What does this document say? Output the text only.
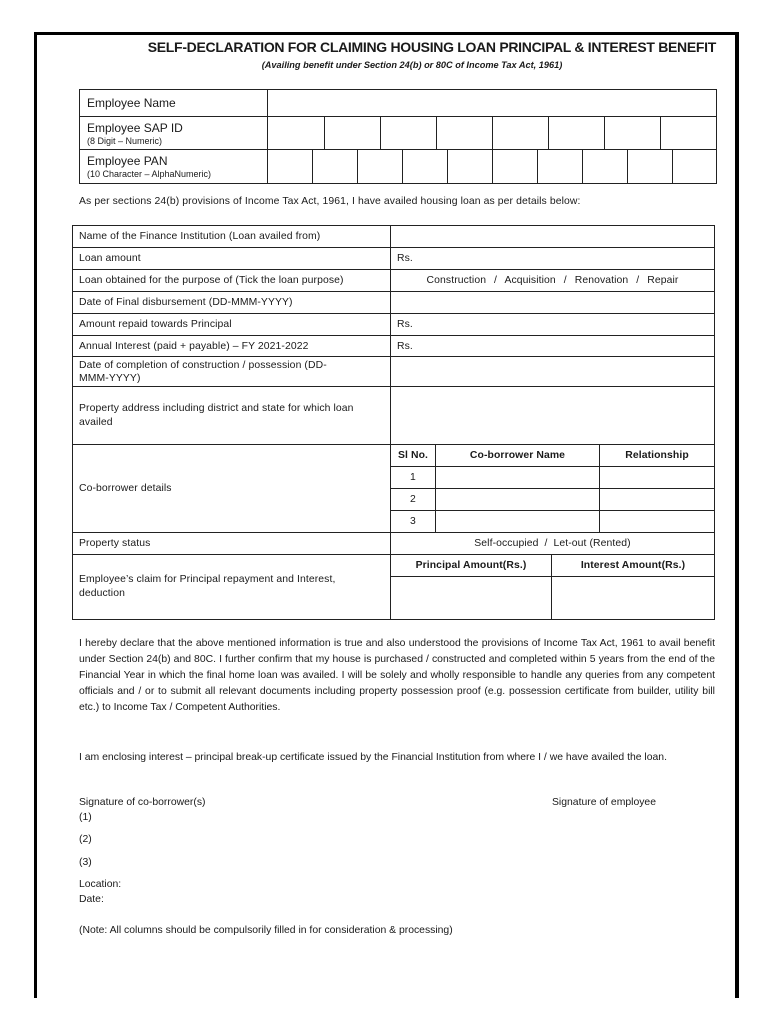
SELF-DECLARATION FOR CLAIMING HOUSING LOAN PRINCIPAL & INTEREST BENEFIT
(Availing benefit under Section 24(b) or 80C of Income Tax Act, 1961)
Employee Name
Employee SAP ID
(8 Digit – Numeric)
Employee PAN
(10 Character – AlphaNumeric)
As per sections 24(b) provisions of Income Tax Act, 1961, I have availed housing loan as per details below:
Name of the Finance Institution (Loan availed from)
Loan amount	Rs.
Loan obtained for the purpose of (Tick the loan purpose)	Construction  /  Acquisition  /  Renovation  /  Repair
Date of Final disbursement (DD-MMM-YYYY)
Amount repaid towards Principal	Rs.
Annual Interest (paid + payable) – FY 2021-2022	Rs.
Date of completion of construction / possession (DD-MMM-YYYY)
Property address including district and state for which loan availed
Co-borrower details
Sl No.	Co-borrower Name	Relationship
1
2
3
Property status	Self-occupied  /  Let-out (Rented)
Employee’s claim for Principal repayment and Interest, deduction
Principal Amount(Rs.)	Interest Amount(Rs.)
I hereby declare that the above mentioned information is true and also understood the provisions of Income Tax Act, 1961 to avail benefit under Section 24(b) and 80C. I further confirm that my house is purchased / constructed and completed within 5 years from the end of the Financial Year in which the final home loan was availed. I will be solely and wholly responsible to handle any queries from any competent officials and / or to submit all relevant documents including property possession proof (e.g. possession certificate from builder, utility bill etc.) to Income Tax / Competent Authorities.
I am enclosing interest – principal break-up certificate issued by the Financial Institution from where I / we have availed the loan.
Signature of co-borrower(s)	Signature of employee
(1)
(2)
(3)
Location:
Date:
(Note: All columns should be compulsorily filled in for consideration & processing)
